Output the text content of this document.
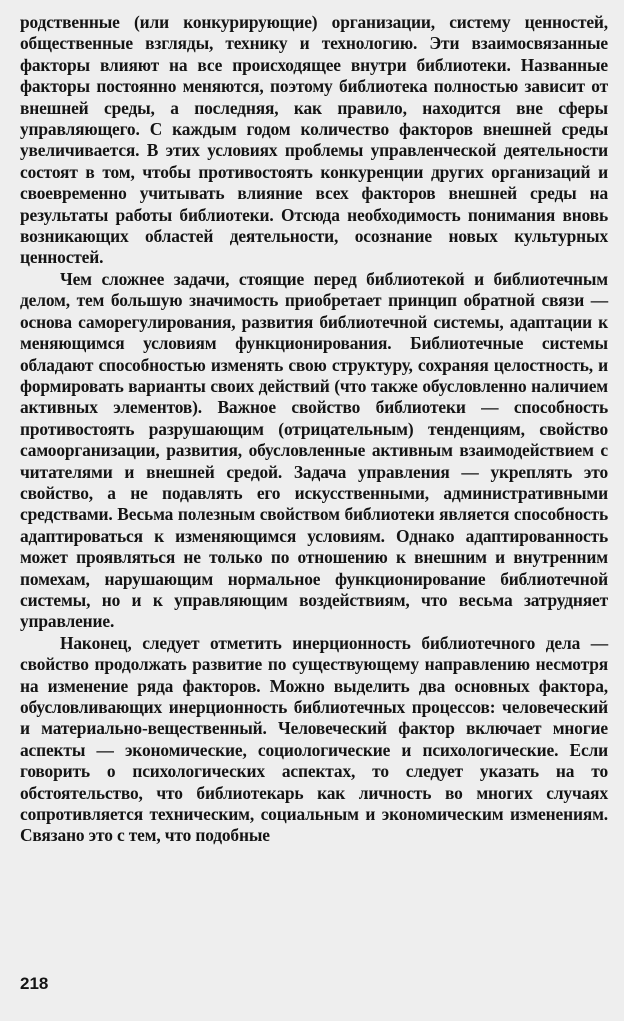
родственные (или конкурирующие) организации, систему ценностей, общественные взгляды, технику и технологию. Эти взаимосвязанные факторы влияют на все происходящее внутри библиотеки. Названные факторы постоянно меняются, поэтому библиотека полностью зависит от внешней среды, а последняя, как правило, находится вне сферы управляющего. С каждым годом количество факторов внешней среды увеличивается. В этих условиях проблемы управленческой деятельности состоят в том, чтобы противостоять конкуренции других организаций и своевременно учитывать влияние всех факторов внешней среды на результаты работы библиотеки. Отсюда необходимость понимания вновь возникающих областей деятельности, осознание новых культурных ценностей.

Чем сложнее задачи, стоящие перед библиотекой и библиотечным делом, тем большую значимость приобретает принцип обратной связи — основа саморегулирования, развития библиотечной системы, адаптации к меняющимся условиям функционирования. Библиотечные системы обладают способностью изменять свою структуру, сохраняя целостность, и формировать варианты своих действий (что также обусловленно наличием активных элементов). Важное свойство библиотеки — способность противостоять разрушающим (отрицательным) тенденциям, свойство самоорганизации, развития, обусловленные активным взаимодействием с читателями и внешней средой. Задача управления — укреплять это свойство, а не подавлять его искусственными, административными средствами. Весьма полезным свойством библиотеки является способность адаптироваться к изменяющимся условиям. Однако адаптированность может проявляться не только по отношению к внешним и внутренним помехам, нарушающим нормальное функционирование библиотечной системы, но и к управляющим воздействиям, что весьма затрудняет управление.

Наконец, следует отметить инерционность библиотечного дела — свойство продолжать развитие по существующему направлению несмотря на изменение ряда факторов. Можно выделить два основных фактора, обусловливающих инерционность библиотечных процессов: человеческий и материально-вещественный. Человеческий фактор включает многие аспекты — экономические, социологические и психологические. Если говорить о психологических аспектах, то следует указать на то обстоятельство, что библиотекарь как личность во многих случаях сопротивляется техническим, социальным и экономическим изменениям. Связано это с тем, что подобные

218
